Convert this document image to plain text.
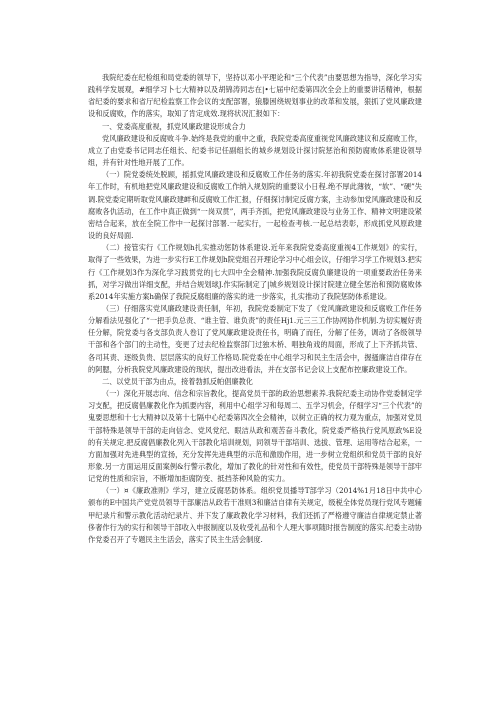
我院纪委在纪检组和局党委的领导下，坚持以邓小平理论和“三个代表”由要思想为指导，深化学习实践科学发展观，#细学习卜七大精神以及胡锦涛同志在|•七届中纪委第四次全会上的重要讲话精神，根据省纪委的要求和省厅纪检监察工作会议的支配部署，狼滕困绕规划事业的改革和发展，狠抓了党风廉政建设和反腐败，作的落实，取知了肯定成效.现将状况汇报如下：

一、党委高度重视，抓党风廉政建设形成合力

党风廉政建设和反腐败斗争.始终是我党的重中之重，我院党委高度重视党风廉政建议和反腐败工作，成立了由党委书记同志任组长、纪委书记任副组长的城乡规划设计探讨院惩治和预防腐败体系建设领导组，并有针对性地开展了工作。

（一）院党委统处脱顾，摇抓党风廉政建设和反腐败工作任务的落实.年初我院党委在探讨部署2014年工作时，有机地把党风廉政建设和反腐败工作纳入规划院的重要议小日程.绝不厚此薄彼，“软”、“硬”失调.院党委定期听取党风廉政建衅和反腐败工作汇报，仔细探讨制定反腐方案，主动参加党风廉政建设和反腐败各仇活动，在工作中真正做到“一岗双贯”，两手齐抓，把党风廉政建设与业务工作、精神文明建设紧密结合起来，放在全院工作中一起探讨部署.一起实行，一起检查考核.一起总结表彰，形成抓党风原政建设的良好局面.

（二）接管实行《工作规划h扎实推动惩防体系建设.近年来我院党委高度重视4工作规划》的实行，取得了一些效果，为进一步实行E工作规划h院党组召开理论学习中心组会议，仔细学习学工作规划3.把实行《工作规划3作为深化学习践贯党的|七大四中全会精神.加强我院反腐负廉建设的一项重要政治任务来抓，对学习做出详细支配，并结合规划球J.作实际制定了|城乡规划设计探讨院建立健全惩治和预防腐败体系2014年实施方案h确保了我院反腐组廉的落实的进一步落实，扎实推动了我院惩防体系建设。

（三）仔细落实党风廉政建设责任制，年初，我院党委制定下发了《党风廉政建设和反腐败工作任务分解看法见强化了“一把手负总责、“谁主管、谁负责”的责任Hj1.元三三工作协网协作机制.为切实履好责任分解，院党委与各支部负责人卷订了党风廉政建设责任书，明确了而任，分解了任务，调动了各级领导干部和各个部门的主动性，变更了过去纪检监察部门过独木桥、唱独角戏的局面，形成了上下齐抓共管、各司其责、逐级负贵、层层落实的良好工作格局.院党委在中心组学习和民主生活会中，握搔廉洁自律存在的阿腮，分析我院党风廉政建设的现状，提出改进看法，并在支部书记会议上支配布控廉政建设工作。

二、以党员干部为由点，接着勃抓反帕倡廉教化

（一）深化开展志向、信念和宗旨教化，提高党员干部的政治思想素养.我院纪委主动协作党委制定学习支配，把反腐倡廉教化作为抓要内容，利用中心组学习和每周二、五学习机会，仔细学习“三个代表”的鬼要思想和十七大精神以及第十七隔中心纪委第四次全会精神，以树立正确的权力观为重点，加强对党员干部特殊是领导干部的走向信念、党风党纪、眼洁从政和观苦奋斗教化，院党委严格执行党风原政%E设的有关规定.把反腐倡廉教化列入干部教化培训规划，同领导干部培训、选拔、管理、运用等结合起来，一方面加强对先进典型的宣扬，充分发挥先进典型的示范和激励作用，进一步树立党组织和党员干部的良好形象.另一方面运用反面案例&行警示教化，增加了教化的针对性和有效性，使党员干部特殊是领导干部牢记党的性质和宗旨，不断增加拒腐防变、抵挡茶种风险的实力。

（一）¤《廉政准则》学习，建立反腐恶防体系。组织党员播导T部学习（2014%1月18日中共中心颁布的E中国共产党党员领导干部廉洁从政若干准则3和廉洁自律有关规定，级税全体党员现行党风专题辅甲纪录片和警示教化活动纪录片、并下发了廉政教化学习材料，我们还抓了严格遵守廉洁自律规定禁止著侈奢作行为的实行和领导干部收入申报制度以及收受礼品和个人理大事项随时报告制度的落实.纪委主动协作党委召开了专题民主生活会，落实了民主生活会制度.
